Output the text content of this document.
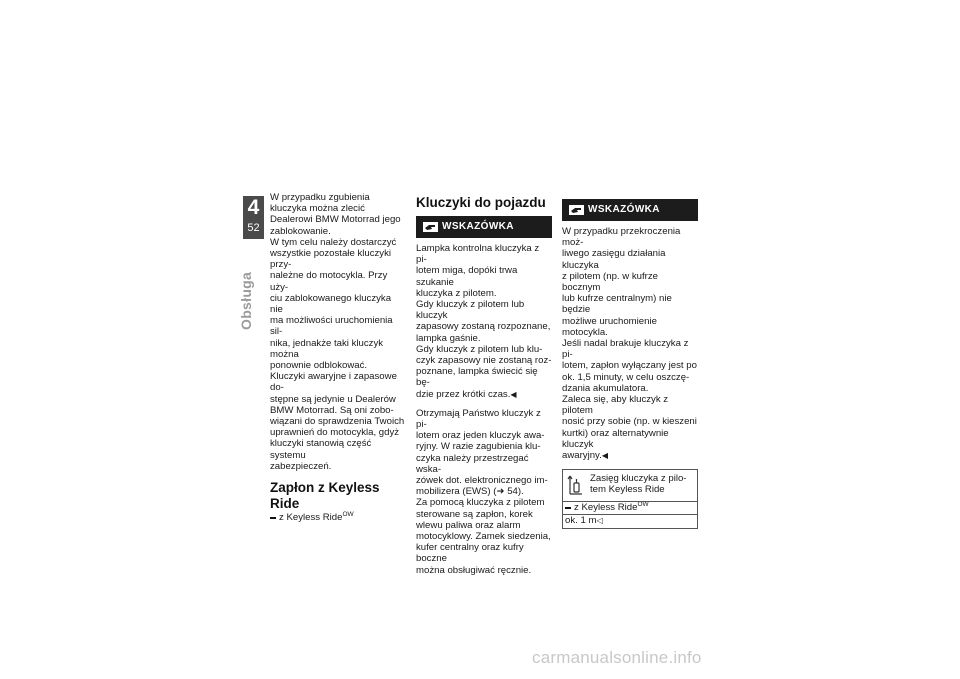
4
52
Obsługa

W przypadku zgubienia

kluczyka można zlecić

Dealerowi BMW Motorrad jego

zablokowanie.

W tym celu należy dostarczyć

wszystkie pozostałe kluczyki przy-

należne do motocykla. Przy uży-

ciu zablokowanego kluczyka nie

ma możliwości uruchomienia sil-

nika, jednakże taki kluczyk można

ponownie odblokować.

Kluczyki awaryjne i zapasowe do-

stępne są jedynie u Dealerów

BMW Motorrad. Są oni zobo-

wiązani do sprawdzenia Twoich

uprawnień do motocykla, gdyż

kluczyki stanowią część systemu

zabezpieczeń.

Zapłon z Keyless Ride

z Keyless Ride$^{OW}$

Kluczyki do pojazdu
WSKAZÓWKA

Lampka kontrolna kluczyka z pi-

lotem miga, dopóki trwa szukanie

kluczyka z pilotem.

Gdy kluczyk z pilotem lub kluczyk

zapasowy zostaną rozpoznane,

lampka gaśnie.

Gdy kluczyk z pilotem lub klu-

czyk zapasowy nie zostaną roz-

poznane, lampka świecić się bę-

dzie przez krótki czas.◀

Otrzymają Państwo kluczyk z pi-

lotem oraz jeden kluczyk awa-

ryjny. W razie zagubienia klu-

czyka należy przestrzegać wska-

zówek dot. elektronicznego im-

mobilizera (EWS) (➜ 54).

Za pomocą kluczyka z pilotem

sterowane są zapłon, korek

wlewu paliwa oraz alarm

motocyklowy. Zamek siedzenia,

kufer centralny oraz kufry boczne

można obsługiwać ręcznie.

WSKAZÓWKA

W przypadku przekroczenia moż-

liwego zasięgu działania kluczyka

z pilotem (np. w kufrze bocznym

lub kufrze centralnym) nie będzie

możliwe uruchomienie motocykla.

Jeśli nadal brakuje kluczyka z pi-

lotem, zapłon wyłączany jest po

ok. 1,5 minuty, w celu oszczę-

dzania akumulatora.

Zaleca się, aby kluczyk z pilotem

nosić przy sobie (np. w kieszeni

kurtki) oraz alternatywnie kluczyk

awaryjny.◀

Zasięg kluczyka z pilo-
tem Keyless Ride
z Keyless Ride$^{OW}$
ok. 1 m◁
carmanualsonline.info
